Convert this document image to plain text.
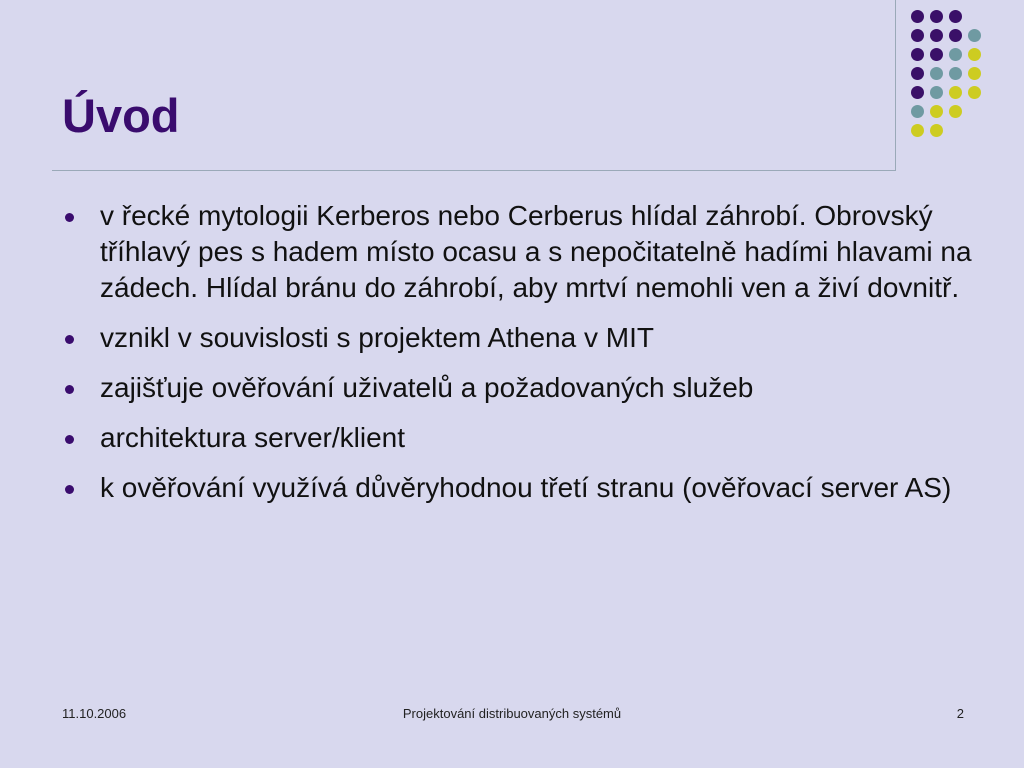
Úvod
v řecké mytologii Kerberos nebo Cerberus hlídal záhrobí. Obrovský tříhlavý pes s hadem místo ocasu a s nepočitatelně hadími hlavami na zádech. Hlídal bránu do záhrobí, aby mrtví nemohli ven a živí dovnitř.
vznikl v souvislosti s projektem Athena v MIT
zajišťuje ověřování uživatelů a požadovaných služeb
architektura server/klient
k ověřování využívá důvěryhodnou třetí stranu (ověřovací server AS)
11.10.2006	Projektování distribuovaných systémů	2
